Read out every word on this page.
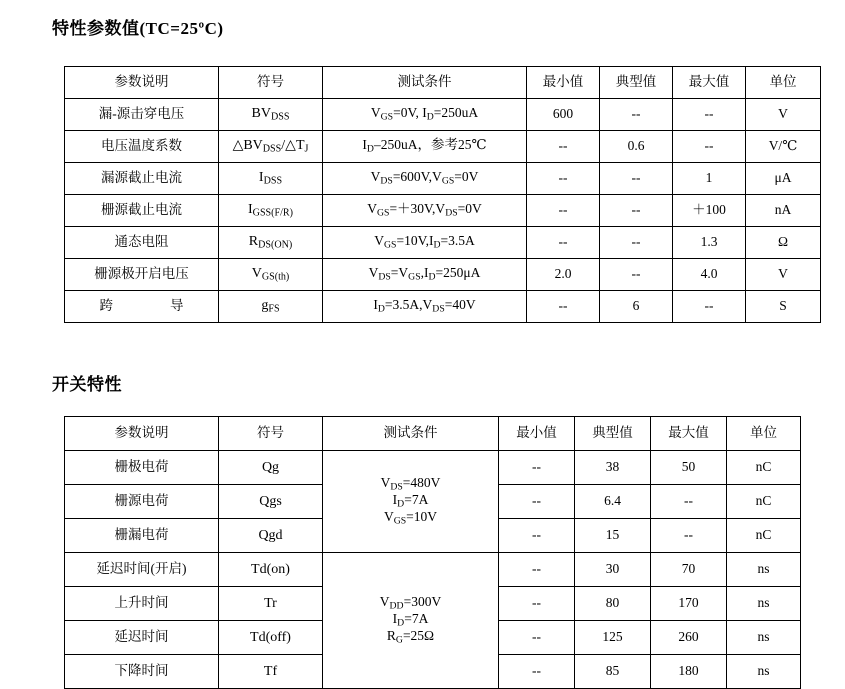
特性参数值(TC=25ºC)
参数说明	符号	测试条件	最小值	典型值	最大值	单位
漏-源击穿电压	$BV_{DSS}$	$V_{GS}=0V$, $I_D=250uA$	600	--	--	V
电压温度系数	$\triangle BV_{DSS}/\triangle T_J$	$I_D-250uA$，参考25℃	--	0.6	--	V/℃
漏源截止电流	$I_{DSS}$	$V_{DS}=600V,V_{GS}=0V$	--	--	1	μA
栅源截止电流	$I_{GSS(F/R)}$	$V_{GS}=+30V,V_{DS}=0V$	--	--	＋100	nA
通态电阻	$R_{DS(ON)}$	$V_{GS}=10V,I_D=3.5A$	--	--	1.3	Ω
栅源极开启电压	$V_{GS(th)}$	$V_{DS}=V_{GS},I_D=250\mu A$	2.0	--	4.0	V
跨　　导	$g_{FS}$	$I_D=3.5A,V_{DS}=40V$	--	6	--	S
开关特性
参数说明	符号	测试条件	最小值	典型值	最大值	单位
栅极电荷	Qg	$V_{DS}=480V$
$I_D=7A$
$V_{GS}=10V$	--	38	50	nC
栅源电荷	Qgs		--	6.4	--	nC
栅漏电荷	Qgd		--	15	--	nC
延迟时间(开启)	Td(on)	$V_{DD}=300V$
$I_D=7A$
$R_G=25\Omega$	--	30	70	ns
上升时间	Tr		--	80	170	ns
延迟时间	Td(off)		--	125	260	ns
下降时间	Tf		--	85	180	ns
